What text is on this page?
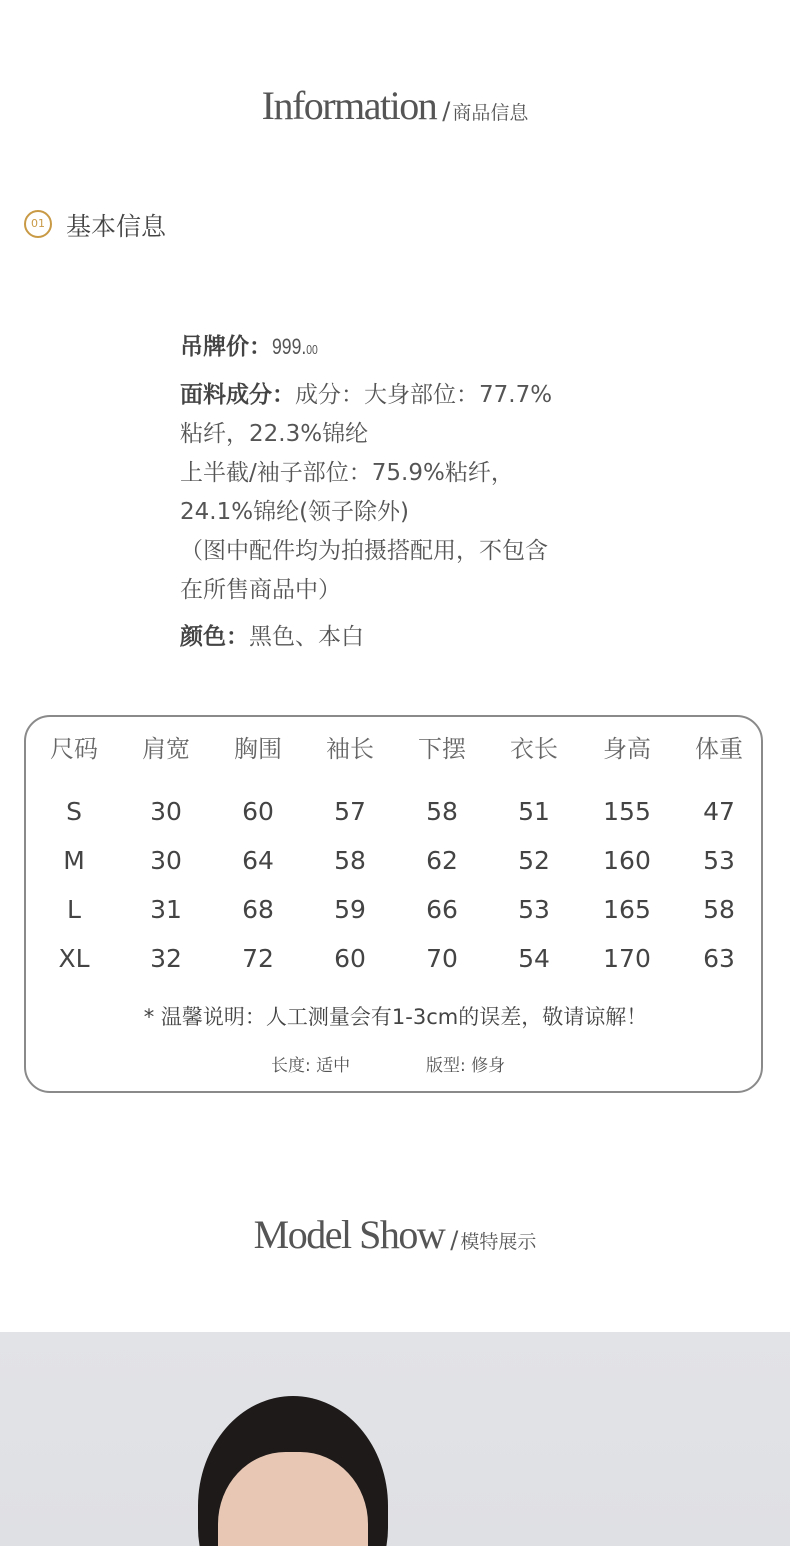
Information / 商品信息
01 基本信息
吊牌价：999.00
面料成分：成分：大身部位：77.7%
粘纤，22.3%锦纶
上半截/袖子部位：75.9%粘纤，
24.1%锦纶(领子除外)
（图中配件均为拍摄搭配用，不包含
在所售商品中）
颜色：黑色、本白
尺码	肩宽	胸围	袖长	下摆	衣长	身高	体重
S	30	60	57	58	51	155	47
M	30	64	58	62	52	160	53
L	31	68	59	66	53	165	58
XL	32	72	60	70	54	170	63
* 温馨说明：人工测量会有1-3cm的误差，敬请谅解！
长度: 适中	版型: 修身
Model Show / 模特展示
